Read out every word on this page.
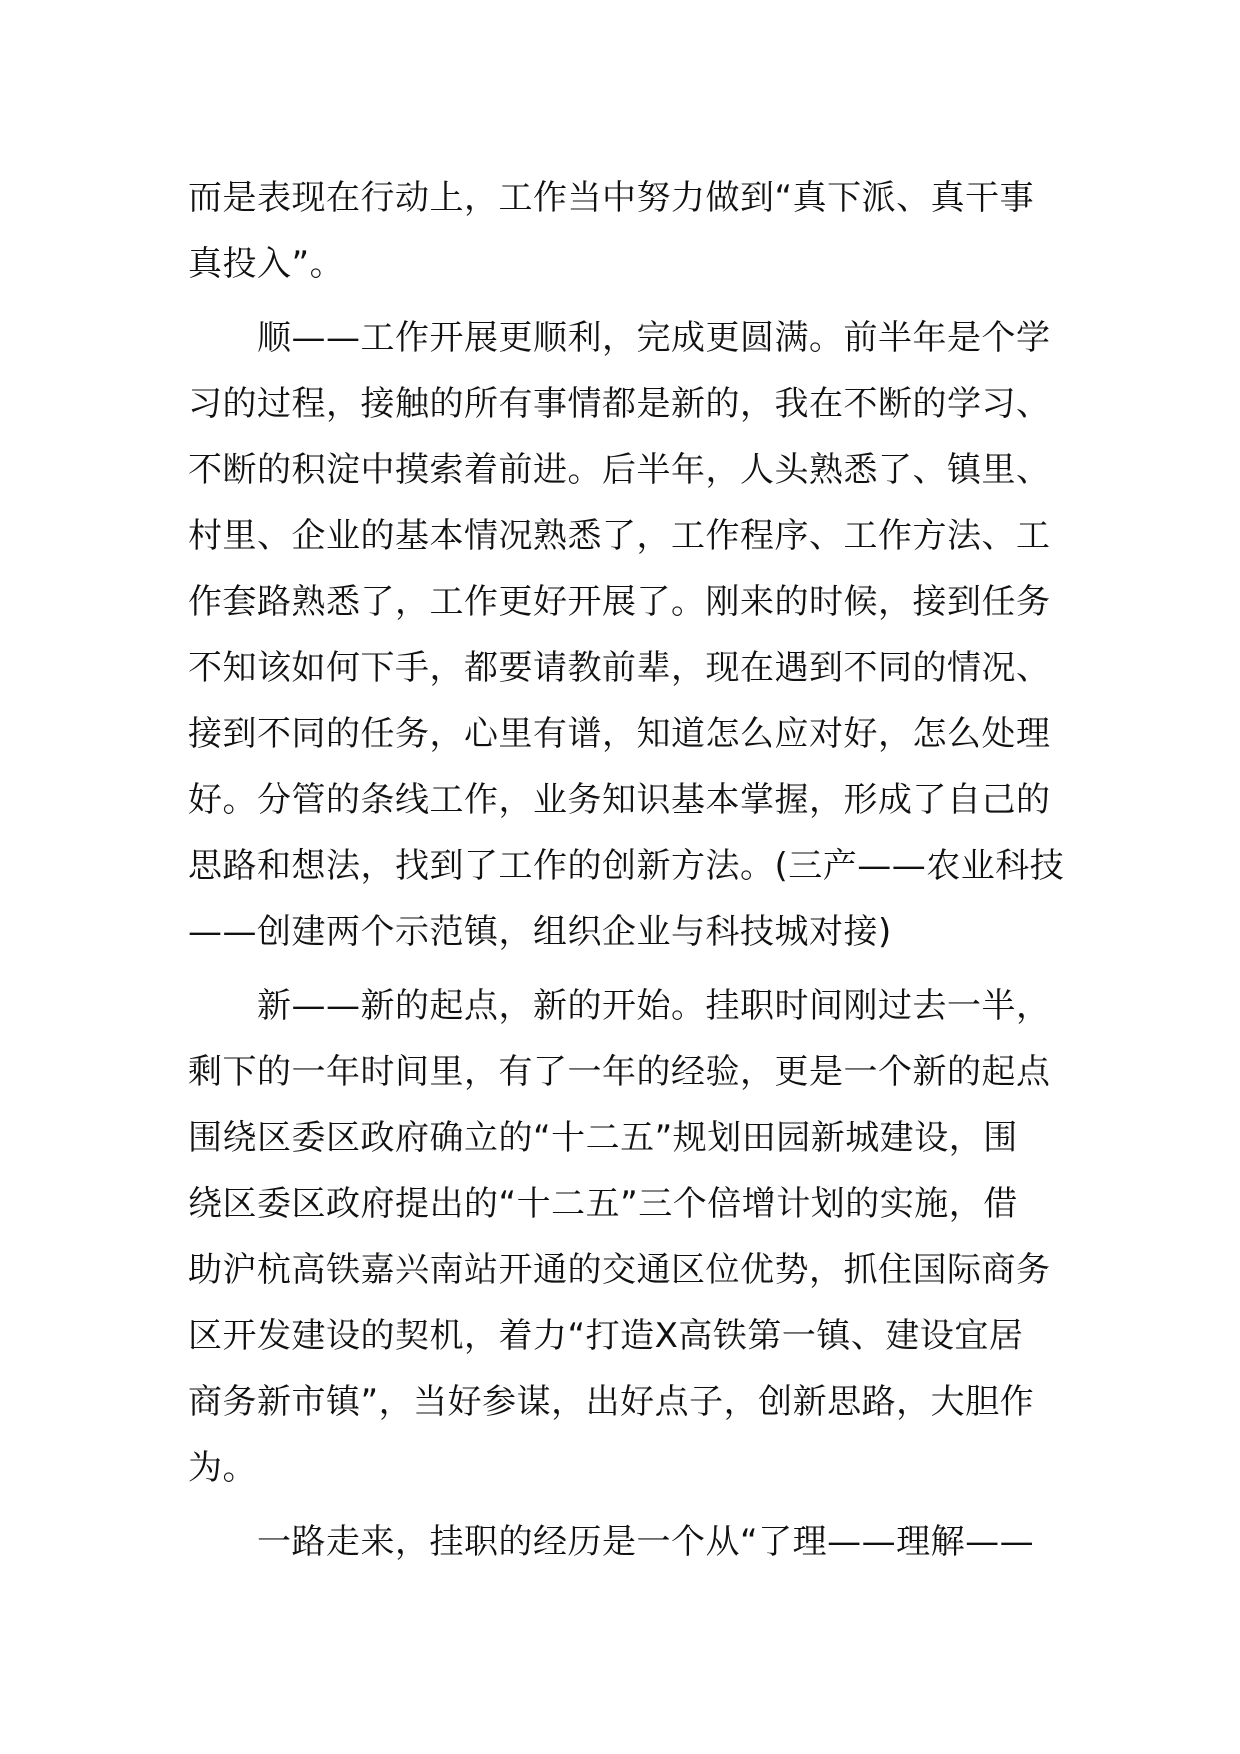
而是表现在行动上，工作当中努力做到“真下派、真干事
真投入”。
　　顺——工作开展更顺利，完成更圆满。前半年是个学
习的过程，接触的所有事情都是新的，我在不断的学习、
不断的积淀中摸索着前进。后半年，人头熟悉了、镇里、
村里、企业的基本情况熟悉了，工作程序、工作方法、工
作套路熟悉了，工作更好开展了。刚来的时候，接到任务
不知该如何下手，都要请教前辈，现在遇到不同的情况、
接到不同的任务，心里有谱，知道怎么应对好，怎么处理
好。分管的条线工作，业务知识基本掌握，形成了自己的
思路和想法，找到了工作的创新方法。(三产——农业科技
——创建两个示范镇，组织企业与科技城对接)
　　新——新的起点，新的开始。挂职时间刚过去一半，
剩下的一年时间里，有了一年的经验，更是一个新的起点
围绕区委区政府确立的“十二五”规划田园新城建设，围
绕区委区政府提出的“十二五”三个倍增计划的实施，借
助沪杭高铁嘉兴南站开通的交通区位优势，抓住国际商务
区开发建设的契机，着力“打造X高铁第一镇、建设宜居
商务新市镇”，当好参谋，出好点子，创新思路，大胆作
为。
　　一路走来，挂职的经历是一个从“了理——理解——
